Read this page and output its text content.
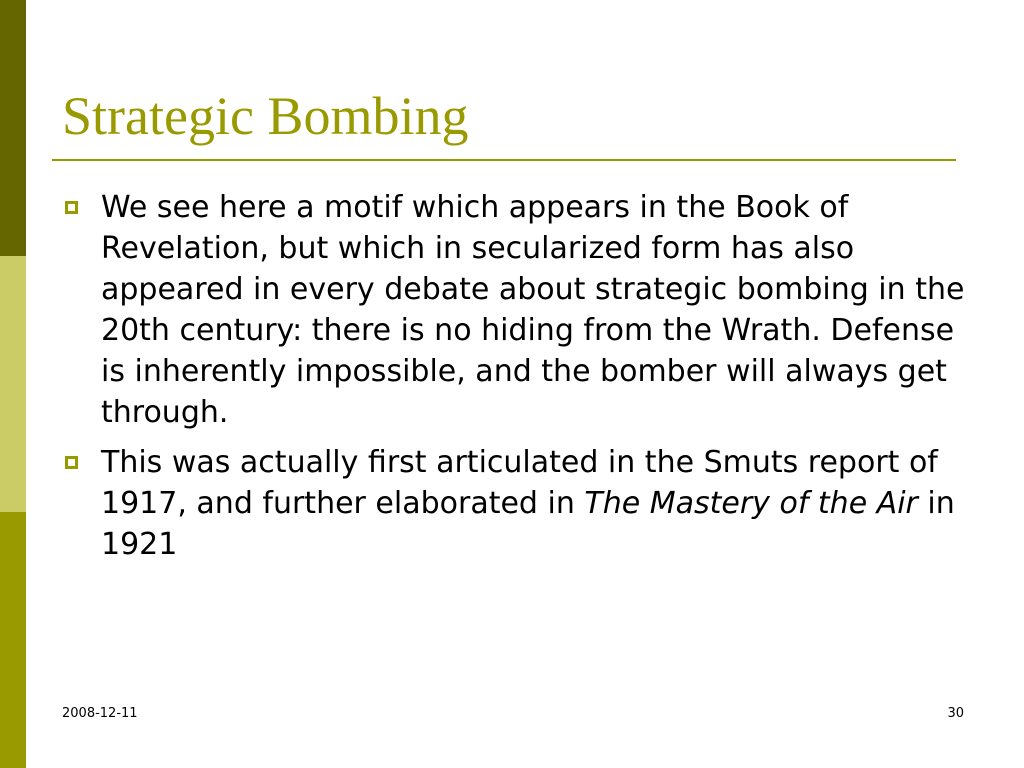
Strategic Bombing
We see here a motif which appears in the Book of Revelation, but which in secularized form has also appeared in every debate about strategic bombing in the 20th century: there is no hiding from the Wrath. Defense is inherently impossible, and the bomber will always get through.
This was actually first articulated in the Smuts report of 1917, and further elaborated in The Mastery of the Air in 1921
2008-12-11	30
